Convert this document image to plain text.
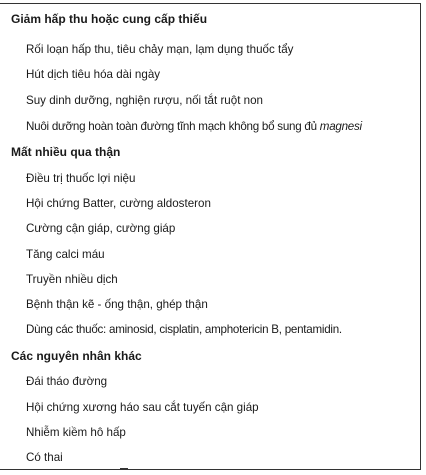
Giảm hấp thu hoặc cung cấp thiếu
Rối loạn hấp thu, tiêu chảy mạn, lạm dụng thuốc tẩy
Hút dịch tiêu hóa dài ngày
Suy dinh dưỡng, nghiện rượu, nối tắt ruột non
Nuôi dưỡng hoàn toàn đường tĩnh mạch không bổ sung đủ magnesi
Mất nhiều qua thận
Điều trị thuốc lợi niệu
Hội chứng Batter, cường aldosteron
Cường cận giáp, cường giáp
Tăng calci máu
Truyền nhiều dịch
Bệnh thận kẽ - ống thận, ghép thận
Dùng các thuốc: aminosid, cisplatin, amphotericin B, pentamidin.
Các nguyên nhân khác
Đái tháo đường
Hội chứng xương háo sau cắt tuyến cận giáp
Nhiễm kiềm hô hấp
Có thai
